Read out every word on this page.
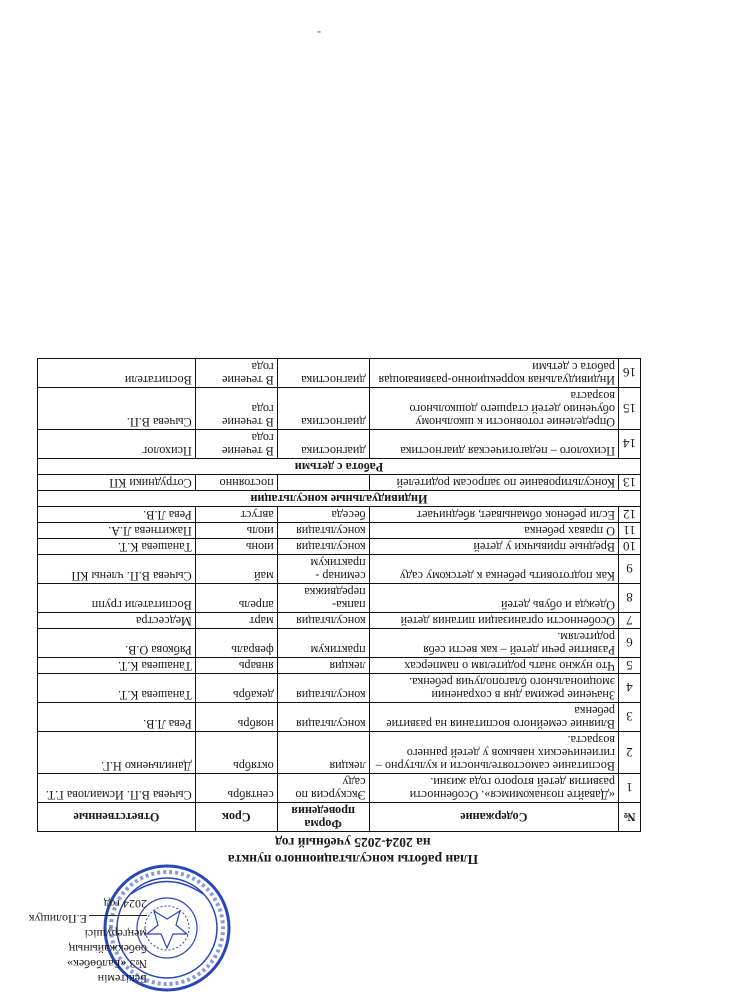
Бекітемін
№3 «Балбөбек»
бөбекжайының
меңгерушісі
Е.Полищук
2024 год
План работы консультационного пункта
на 2024-2025 учебный год
№	Содержание	Форма проведения	Срок	Ответственные
1	«Давайте познакомимся». Особенности развития детей второго года жизни.	Экскурсия по саду	сентябрь	Сычева В.П. Исмаилова Г.Т.
2	Воспитание самостоятельности и культурно – гигиенических навыков у детей раннего возраста.	лекция	октябрь	Данильченко Н.Г.
3	Влияние семейного воспитания на развитие ребенка	консультация	ноябрь	Рева Л.В.
4	Значение режима дня в сохранении эмоционального благополучия ребенка.	консультация	декабрь	Танашева К.Т.
5	Что нужно знать родителям о памперсах	лекция	январь	Танашева К.Т.
6	Развитие речи детей – как вести себя родителям.	практикум	февраль	Рябкова О.В.
7	Особенности организации питания детей	консультация	март	Медсестра
8	Одежда и обувь детей	папка-передвижка	апрель	Воспитатели групп
9	Как подготовить ребенка к детскому саду	семинар - практикум	май	Сычева В.П. члены КП
10	Вредные привычки у детей	консультация	июнь	Танашева К.Т.
11	О правах ребенка	консультация	июль	Пажитнева Л.А.
12	Если ребенок обманывает, ябедничает	беседа	август	Рева Л.В.
Индивидуальные консультации				
13	Консультирование по запросам родителей		постоянно	Сотрудники КП
Работа с детьми				
14	Психолого – педагогическая диагностика	диагностика	В течение года	Психолог
15	Определение готовности к школьному обучению детей старшего дошкольного возраста	диагностика	В течение года	Сычева В.П.
16	Индивидуальная коррекционно-развивающая работа с детьми	диагностика	В течение года	Воспитатели
-
